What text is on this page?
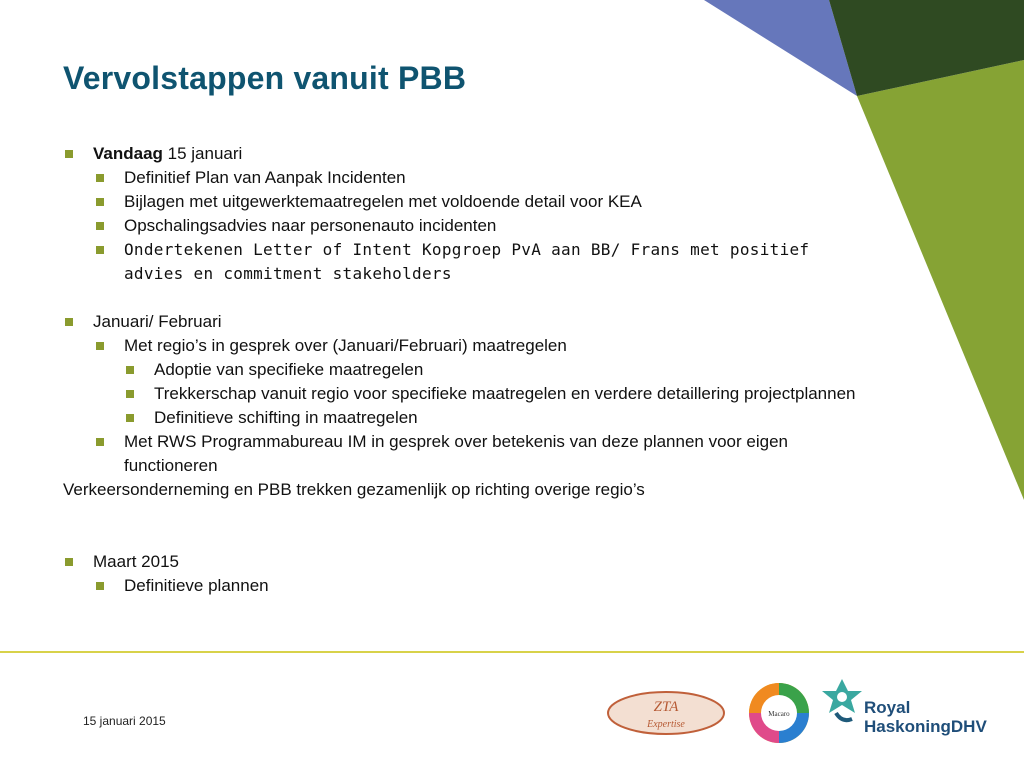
Vervolstappen vanuit PBB
Vandaag 15 januari
Definitief Plan van Aanpak Incidenten
Bijlagen met uitgewerktemaatregelen met voldoende detail voor KEA
Opschalingsadvies naar personenauto incidenten
Ondertekenen Letter of Intent Kopgroep PvA aan BB/ Frans met positief advies en commitment stakeholders
Januari/ Februari
Met regio’s in gesprek over (Januari/Februari) maatregelen
Adoptie van specifieke maatregelen
Trekkerschap vanuit regio voor specifieke maatregelen en verdere detaillering projectplannen
Definitieve schifting in maatregelen
Met RWS Programmabureau IM in gesprek over betekenis van deze plannen voor eigen functioneren
Verkeersonderneming en PBB trekken gezamenlijk op richting overige regio’s
Maart 2015
Definitieve plannen
15 januari 2015
ZTA
Expertise
Macaro	Royal
HaskoningDHV
